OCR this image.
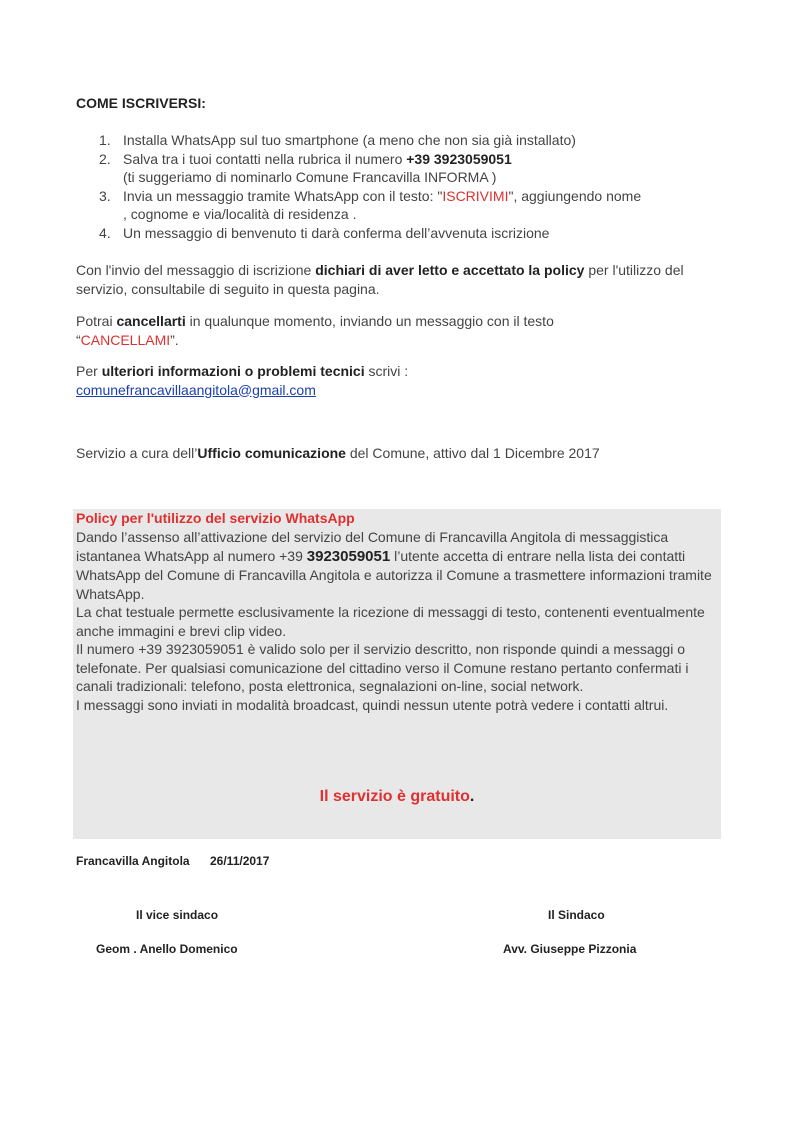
COME ISCRIVERSI:
1. Installa WhatsApp sul tuo smartphone (a meno che non sia già installato)
2. Salva tra i tuoi contatti nella rubrica il numero +39 3923059051
(ti suggeriamo di nominarlo Comune Francavilla INFORMA )
3. Invia un messaggio tramite WhatsApp con il testo: "ISCRIVIMI", aggiungendo nome
, cognome e via/località di residenza .
4. Un messaggio di benvenuto ti darà conferma dell’avvenuta iscrizione
Con l'invio del messaggio di iscrizione dichiari di aver letto e accettato la policy per l'utilizzo del servizio, consultabile di seguito in questa pagina.
Potrai cancellarti in qualunque momento, inviando un messaggio con il testo
“CANCELLAMI”.
Per ulteriori informazioni o problemi tecnici scrivi :
comunefrancavillaangitola@gmail.com
Servizio a cura dell’Ufficio comunicazione del Comune, attivo dal 1 Dicembre 2017
Policy per l'utilizzo del servizio WhatsApp
Dando l’assenso all’attivazione del servizio del Comune di Francavilla Angitola di messaggistica istantanea WhatsApp al numero +39 3923059051 l’utente accetta di entrare nella lista dei contatti WhatsApp del Comune di Francavilla Angitola e autorizza il Comune a trasmettere informazioni tramite WhatsApp.
La chat testuale permette esclusivamente la ricezione di messaggi di testo, contenenti eventualmente anche immagini e brevi clip video.
Il numero +39 3923059051 è valido solo per il servizio descritto, non risponde quindi a messaggi o telefonate. Per qualsiasi comunicazione del cittadino verso il Comune restano pertanto confermati i canali tradizionali: telefono, posta elettronica, segnalazioni on-line, social network.
I messaggi sono inviati in modalità broadcast, quindi nessun utente potrà vedere i contatti altrui.
Il servizio è gratuito.
Francavilla Angitola 26/11/2017
Il vice sindaco
Geom . Anello Domenico
Il Sindaco
Avv. Giuseppe Pizzonia
